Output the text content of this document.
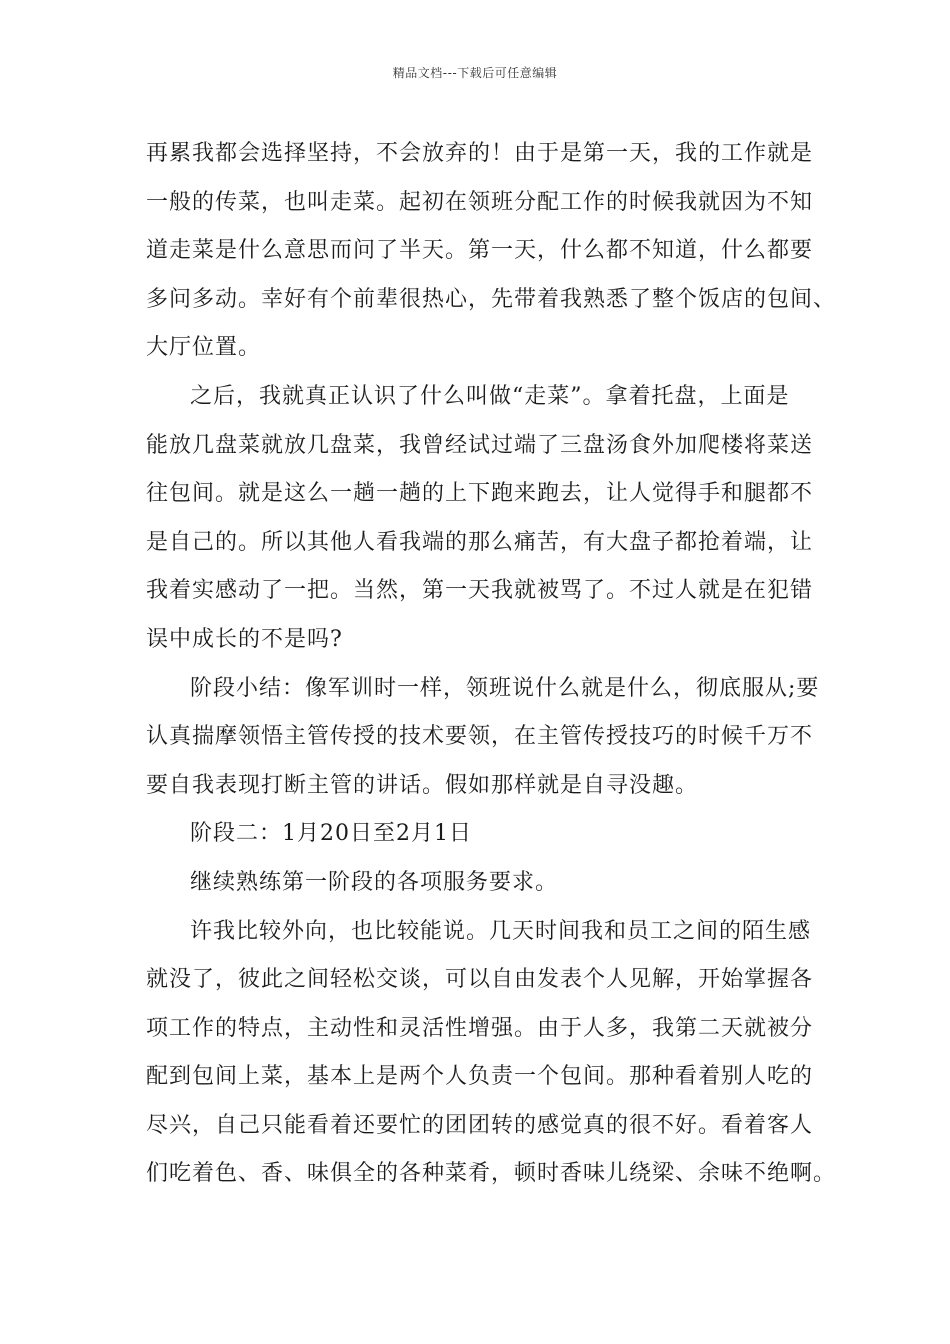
精品文档---下载后可任意编辑
再累我都会选择坚持，不会放弃的！由于是第一天，我的工作就是
一般的传菜，也叫走菜。起初在领班分配工作的时候我就因为不知
道走菜是什么意思而问了半天。第一天，什么都不知道，什么都要
多问多动。幸好有个前辈很热心，先带着我熟悉了整个饭店的包间、
大厅位置。
之后，我就真正认识了什么叫做“走菜”。拿着托盘，上面是
能放几盘菜就放几盘菜，我曾经试过端了三盘汤食外加爬楼将菜送
往包间。就是这么一趟一趟的上下跑来跑去，让人觉得手和腿都不
是自己的。所以其他人看我端的那么痛苦，有大盘子都抢着端，让
我着实感动了一把。当然，第一天我就被骂了。不过人就是在犯错
误中成长的不是吗?
阶段小结：像军训时一样，领班说什么就是什么，彻底服从;要
认真揣摩领悟主管传授的技术要领，在主管传授技巧的时候千万不
要自我表现打断主管的讲话。假如那样就是自寻没趣。
阶段二：1月20日至2月1日
继续熟练第一阶段的各项服务要求。
许我比较外向，也比较能说。几天时间我和员工之间的陌生感
就没了，彼此之间轻松交谈，可以自由发表个人见解，开始掌握各
项工作的特点，主动性和灵活性增强。由于人多，我第二天就被分
配到包间上菜，基本上是两个人负责一个包间。那种看着别人吃的
尽兴，自己只能看着还要忙的团团转的感觉真的很不好。看着客人
们吃着色、香、味俱全的各种菜肴，顿时香味儿绕梁、余味不绝啊。
